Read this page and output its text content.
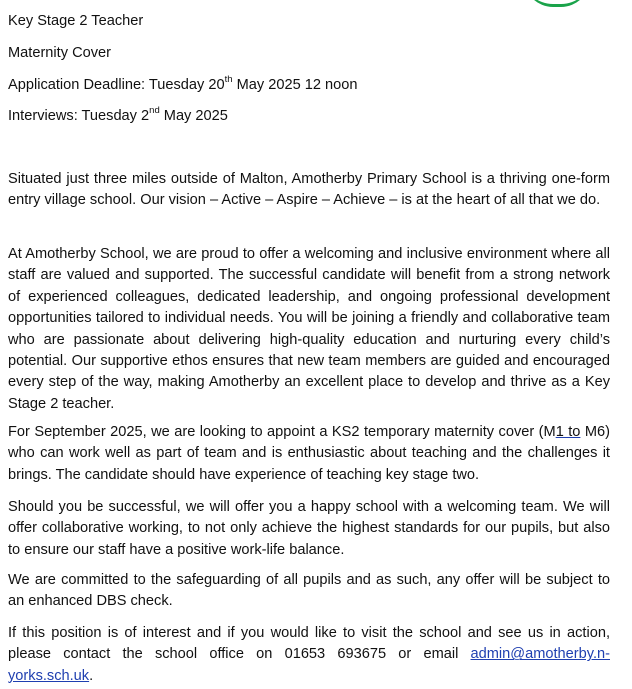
Key Stage 2 Teacher
Maternity Cover
Application Deadline: Tuesday 20th May 2025 12 noon
Interviews: Tuesday 2nd May 2025
Situated just three miles outside of Malton, Amotherby Primary School is a thriving one-form entry village school. Our vision – Active – Aspire – Achieve – is at the heart of all that we do.
At Amotherby School, we are proud to offer a welcoming and inclusive environment where all staff are valued and supported. The successful candidate will benefit from a strong network of experienced colleagues, dedicated leadership, and ongoing professional development opportunities tailored to individual needs. You will be joining a friendly and collaborative team who are passionate about delivering high-quality education and nurturing every child’s potential. Our supportive ethos ensures that new team members are guided and encouraged every step of the way, making Amotherby an excellent place to develop and thrive as a Key Stage 2 teacher.
For September 2025, we are looking to appoint a KS2 temporary maternity cover (M1 to M6) who can work well as part of team and is enthusiastic about teaching and the challenges it brings. The candidate should have experience of teaching key stage two.
Should you be successful, we will offer you a happy school with a welcoming team. We will offer collaborative working, to not only achieve the highest standards for our pupils, but also to ensure our staff have a positive work-life balance.
We are committed to the safeguarding of all pupils and as such, any offer will be subject to an enhanced DBS check.
If this position is of interest and if you would like to visit the school and see us in action, please contact the school office on 01653 693675 or email admin@amotherby.n-yorks.sch.uk.
